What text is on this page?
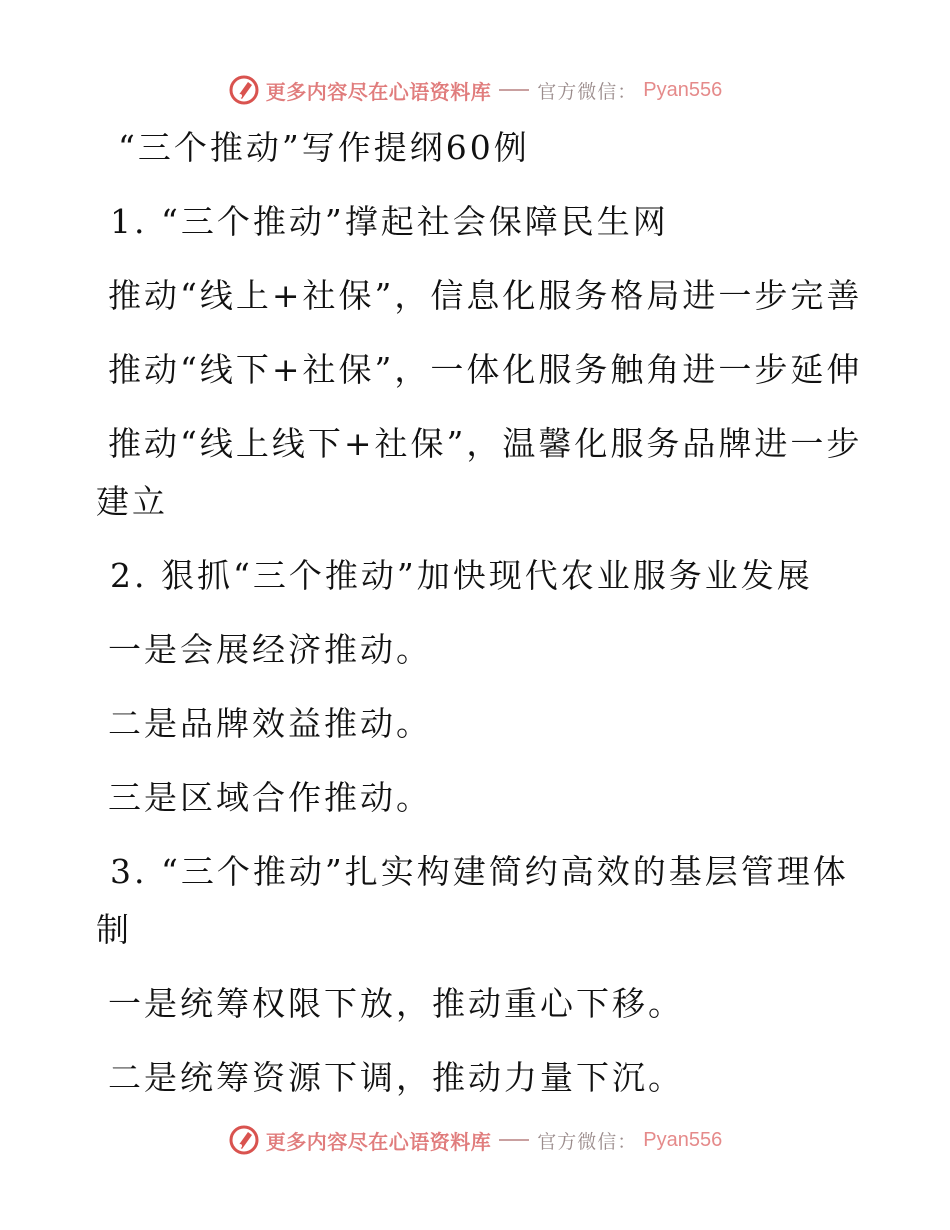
更多内容尽在心语资料库 官方微信： Pyan556
“三个推动”写作提纲60例
1. “三个推动”撑起社会保障民生网
推动“线上+社保”，信息化服务格局进一步完善
推动“线下+社保”，一体化服务触角进一步延伸
推动“线上线下+社保”，温馨化服务品牌进一步
建立
2. 狠抓“三个推动”加快现代农业服务业发展
一是会展经济推动。
二是品牌效益推动。
三是区域合作推动。
3. “三个推动”扎实构建简约高效的基层管理体
制
一是统筹权限下放，推动重心下移。
二是统筹资源下调，推动力量下沉。
更多内容尽在心语资料库 官方微信： Pyan556
